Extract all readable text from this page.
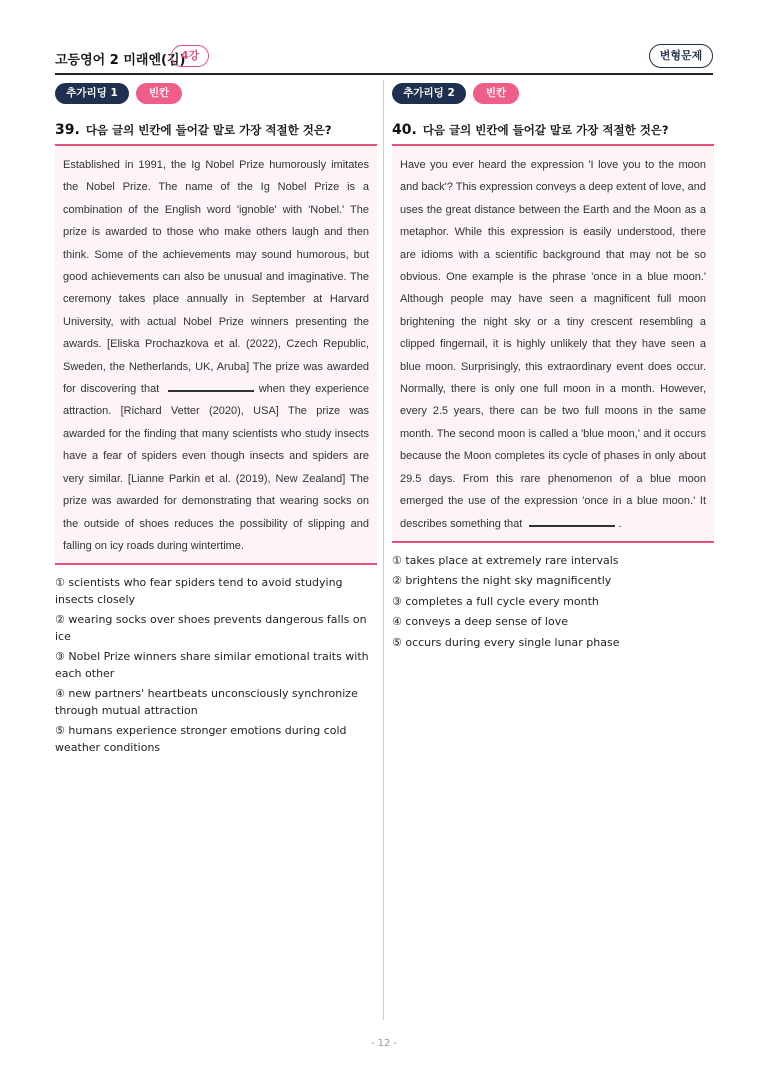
고등영어 2 미래엔(김)
4강	변형문제
추가리딩 1	빈칸
39. 다음 글의 빈칸에 들어갈 말로 가장 적절한 것은?
Established in 1991, the Ig Nobel Prize humorously imitates the Nobel Prize. The name of the Ig Nobel Prize is a combination of the English word 'ignoble' with 'Nobel.' The prize is awarded to those who make others laugh and then think. Some of the achievements may sound humorous, but good achievements can also be unusual and imaginative. The ceremony takes place annually in September at Harvard University, with actual Nobel Prize winners presenting the awards. [Eliska Prochazkova et al. (2022), Czech Republic, Sweden, the Netherlands, UK, Aruba] The prize was awarded for discovering that	when they experience attraction. [Richard Vetter (2020), USA] The prize was awarded for the finding that many scientists who study insects have a fear of spiders even though insects and spiders are very similar. [Lianne Parkin et al. (2019), New Zealand] The prize was awarded for demonstrating that wearing socks on the outside of shoes reduces the possibility of slipping and falling on icy roads during wintertime.
① scientists who fear spiders tend to avoid studying insects closely
② wearing socks over shoes prevents dangerous falls on ice
③ Nobel Prize winners share similar emotional traits with each other
④ new partners' heartbeats unconsciously synchronize through mutual attraction
⑤ humans experience stronger emotions during cold weather conditions
추가리딩 2	빈칸
40. 다음 글의 빈칸에 들어갈 말로 가장 적절한 것은?
Have you ever heard the expression 'I love you to the moon and back'? This expression conveys a deep extent of love, and uses the great distance between the Earth and the Moon as a metaphor. While this expression is easily understood, there are idioms with a scientific background that may not be so obvious. One example is the phrase 'once in a blue moon.' Although people may have seen a magnificent full moon brightening the night sky or a tiny crescent resembling a clipped fingernail, it is highly unlikely that they have seen a blue moon. Surprisingly, this extraordinary event does occur. Normally, there is only one full moon in a month. However, every 2.5 years, there can be two full moons in the same month. The second moon is called a 'blue moon,' and it occurs because the Moon completes its cycle of phases in only about 29.5 days. From this rare phenomenon of a blue moon emerged the use of the expression 'once in a blue moon.' It describes something that	.
① takes place at extremely rare intervals
② brightens the night sky magnificently
③ completes a full cycle every month
④ conveys a deep sense of love
⑤ occurs during every single lunar phase
- 12 -
